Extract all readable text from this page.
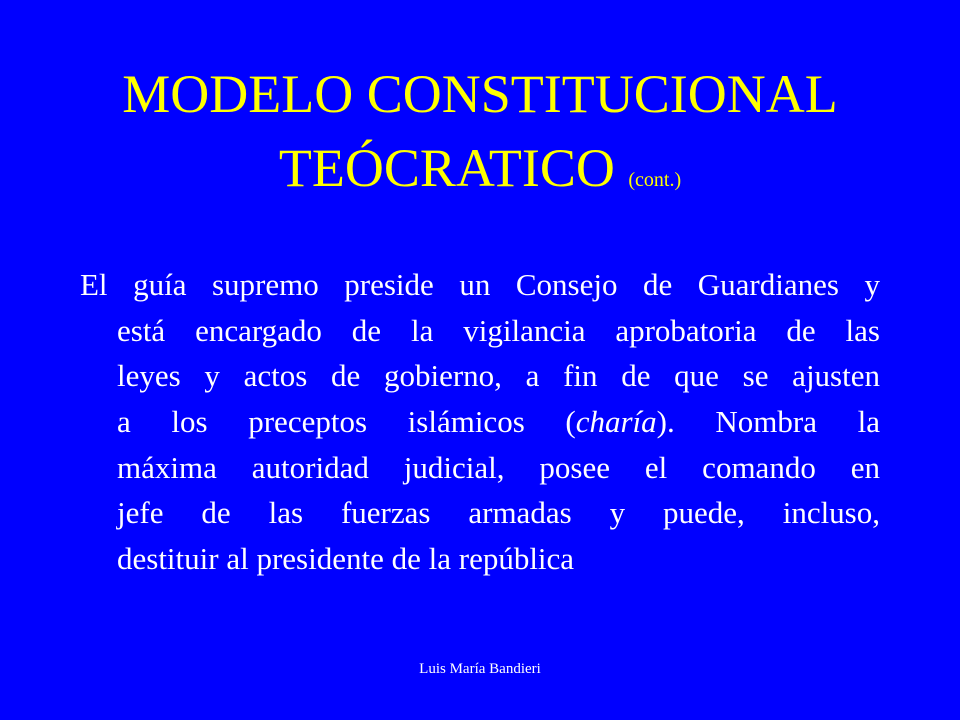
MODELO CONSTITUCIONAL
TEÓCRATICO (cont.)
El guía supremo preside un Consejo de Guardianes y
está encargado de la vigilancia aprobatoria de las
leyes y actos de gobierno, a fin de que se ajusten
a los preceptos islámicos (charía). Nombra la
máxima autoridad judicial, posee el comando en
jefe de las fuerzas armadas y puede, incluso,
destituir al presidente de la república
Luis María Bandieri
